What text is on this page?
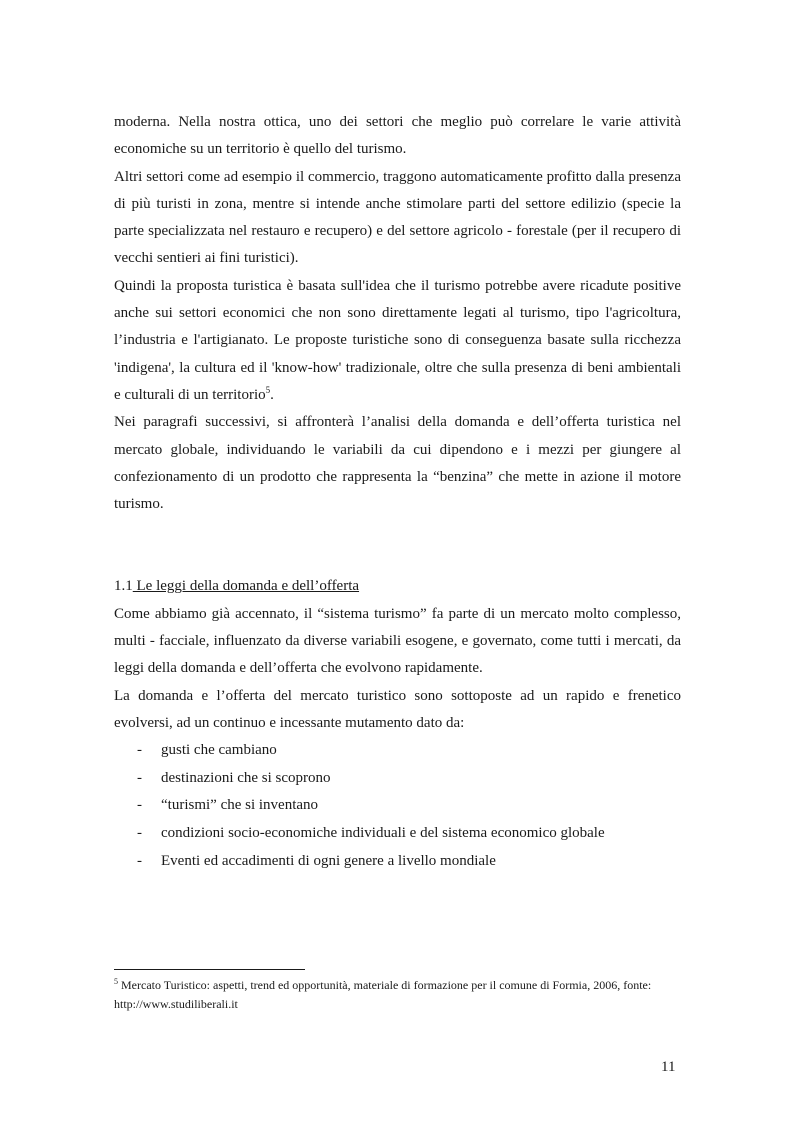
moderna. Nella nostra ottica, uno dei settori che meglio può correlare le varie attività economiche su un territorio è quello del turismo.

Altri settori come ad esempio il commercio, traggono automaticamente profitto dalla presenza di più turisti in zona, mentre si intende anche stimolare parti del settore edilizio (specie la parte specializzata nel restauro e recupero) e del settore agricolo - forestale (per il recupero di vecchi sentieri ai fini turistici).

Quindi la proposta turistica è basata sull'idea che il turismo potrebbe avere ricadute positive anche sui settori economici che non sono direttamente legati al turismo, tipo l'agricoltura, l’industria e l'artigianato. Le proposte turistiche sono di conseguenza basate sulla ricchezza 'indigena', la cultura ed il 'know-how' tradizionale, oltre che sulla presenza di beni ambientali e culturali di un territorio$^5$.

Nei paragrafi successivi, si affronterà l’analisi della domanda e dell’offerta turistica nel mercato globale, individuando le variabili da cui dipendono e i mezzi per giungere al confezionamento di un prodotto che rappresenta la “benzina” che mette in azione il motore turismo.

1.1 Le leggi della domanda e dell’offerta

Come abbiamo già accennato, il “sistema turismo” fa parte di un mercato molto complesso, multi - facciale, influenzato da diverse variabili esogene, e governato, come tutti i mercati, da leggi della domanda e dell’offerta che evolvono rapidamente.

La domanda e l’offerta del mercato turistico sono sottoposte ad un rapido e frenetico evolversi, ad un continuo e incessante mutamento dato da:

- gusti che cambiano
- destinazioni che si scoprono
- “turismi” che si inventano
- condizioni socio-economiche individuali e del sistema economico globale
- Eventi ed accadimenti di ogni genere a livello mondiale
$^5$ Mercato Turistico: aspetti, trend ed opportunità, materiale di formazione per il comune di Formia, 2006, fonte: http://www.studiliberali.it
11
